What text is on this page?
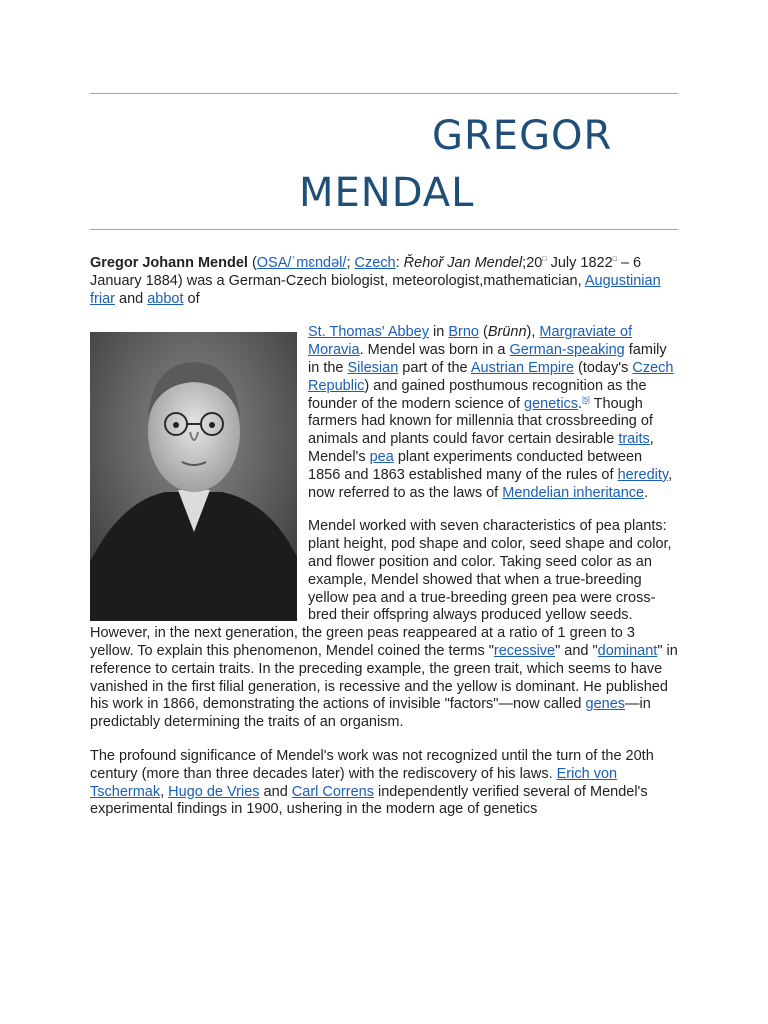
GREGOR
MENDAL

Gregor Johann Mendel (OSA/ˈmɛndəl/; Czech: Řehoř Jan Mendel;20□ July 1822□ – 6 January 1884) was a German-Czech biologist, meteorologist,mathematician, Augustinian friar and abbot of

St. Thomas' Abbey in Brno (Brünn), Margraviate of Moravia. Mendel was born in a German-speaking family in the Silesian part of the Austrian Empire (today's Czech Republic) and gained posthumous recognition as the founder of the modern science of genetics.[5] Though farmers had known for millennia that crossbreeding of animals and plants could favor certain desirable traits, Mendel's pea plant experiments conducted between 1856 and 1863 established many of the rules of heredity, now referred to as the laws of Mendelian inheritance.

Mendel worked with seven characteristics of pea plants: plant height, pod shape and color, seed shape and color, and flower position and color. Taking seed color as an example, Mendel showed that when a true-breeding yellow pea and a true-breeding green pea were cross-bred their offspring always produced yellow seeds. However, in the next generation, the green peas reappeared at a ratio of 1 green to 3 yellow. To explain this phenomenon, Mendel coined the terms "recessive" and "dominant" in reference to certain traits. In the preceding example, the green trait, which seems to have vanished in the first filial generation, is recessive and the yellow is dominant. He published his work in 1866, demonstrating the actions of invisible "factors"—now called genes—in predictably determining the traits of an organism.

The profound significance of Mendel's work was not recognized until the turn of the 20th century (more than three decades later) with the rediscovery of his laws. Erich von Tschermak, Hugo de Vries and Carl Correns independently verified several of Mendel's experimental findings in 1900, ushering in the modern age of genetics
